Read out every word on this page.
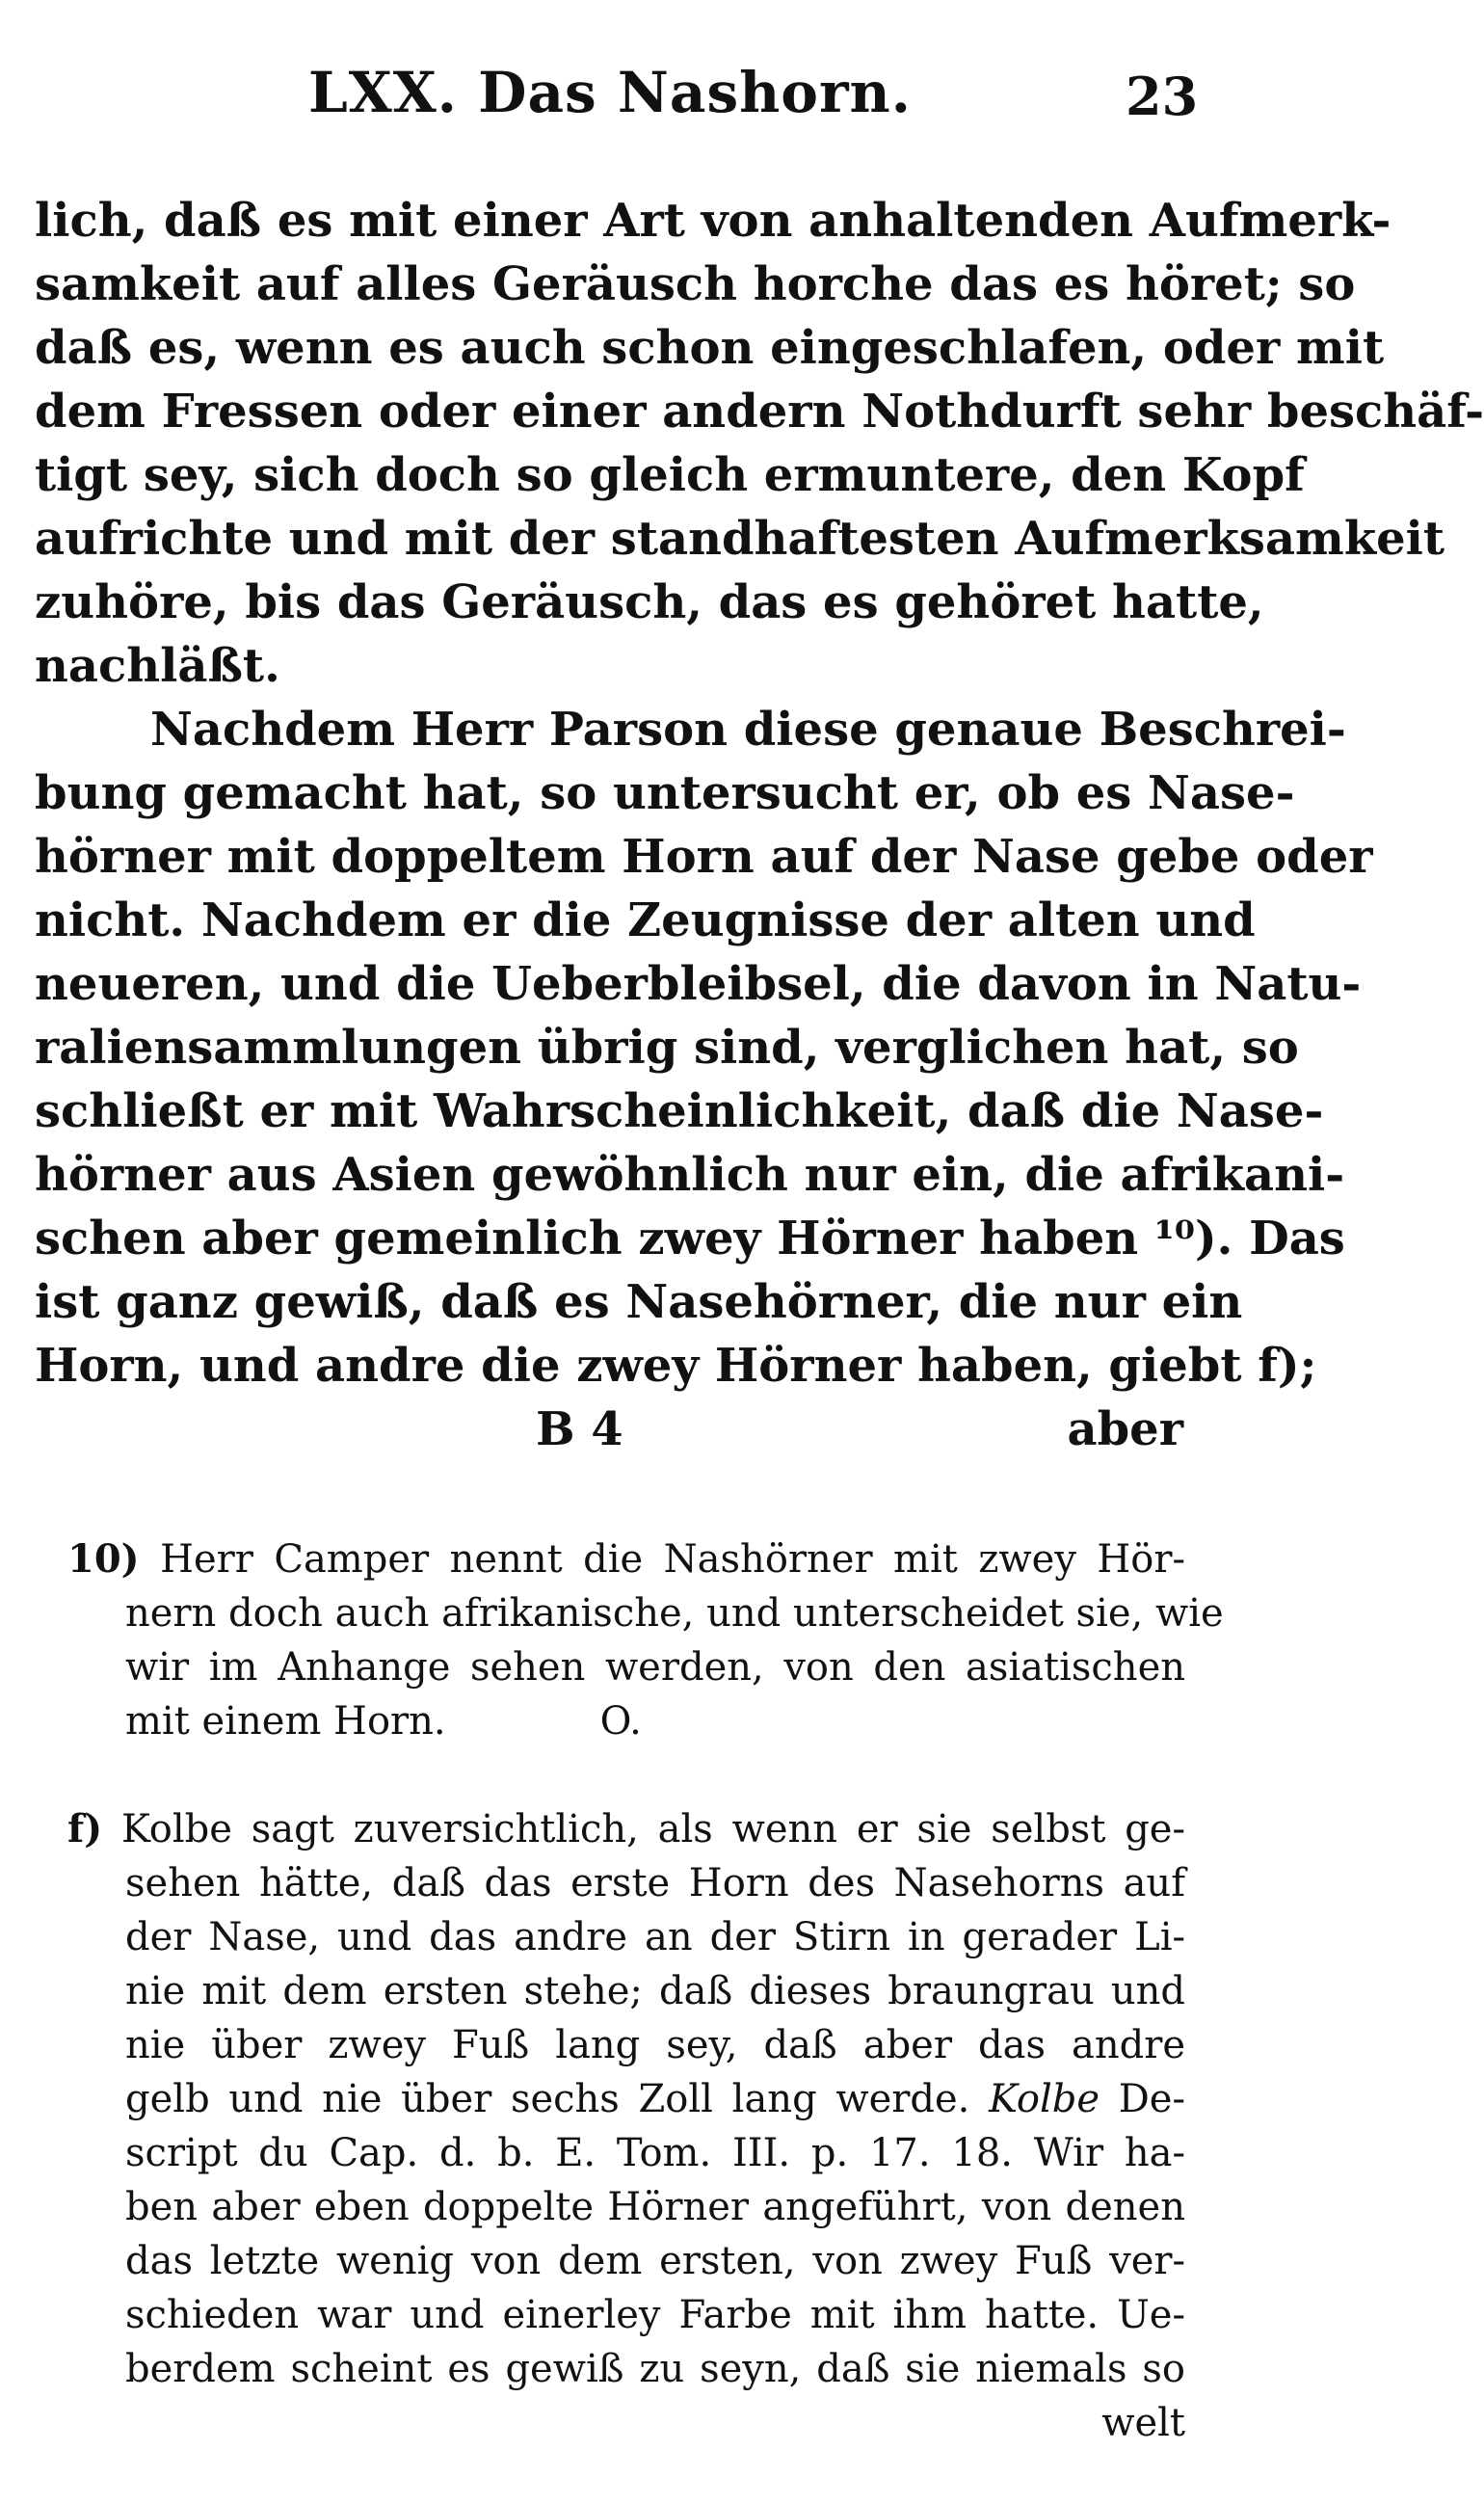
LXX. Das Nashorn.	23
lich, daß es mit einer Art von anhaltenden Aufmerk-
samkeit auf alles Geräusch horche das es höret; so
daß es, wenn es auch schon eingeschlafen, oder mit
dem Fressen oder einer andern Nothdurft sehr beschäf-
tigt sey, sich doch so gleich ermuntere, den Kopf
aufrichte und mit der standhaftesten Aufmerksamkeit
zuhöre, bis das Geräusch, das es gehöret hatte,
nachläßt.
Nachdem Herr Parson diese genaue Beschrei-
bung gemacht hat, so untersucht er, ob es Nase-
hörner mit doppeltem Horn auf der Nase gebe oder
nicht. Nachdem er die Zeugnisse der alten und
neueren, und die Ueberbleibsel, die davon in Natu-
raliensammlungen übrig sind, verglichen hat, so
schließt er mit Wahrscheinlichkeit, daß die Nase-
hörner aus Asien gewöhnlich nur ein, die afrikani-
schen aber gemeinlich zwey Hörner haben ¹⁰). Das
ist ganz gewiß, daß es Nasehörner, die nur ein
Horn, und andre die zwey Hörner haben, giebt f);
B 4	aber
10) Herr Camper nennt die Nashörner mit zwey Hör-
nern doch auch afrikanische, und unterscheidet sie, wie
wir im Anhange sehen werden, von den asiatischen
mit einem Horn.	O.
f) Kolbe sagt zuversichtlich, als wenn er sie selbst ge-
sehen hätte, daß das erste Horn des Nasehorns auf
der Nase, und das andre an der Stirn in gerader Li-
nie mit dem ersten stehe; daß dieses braungrau und
nie über zwey Fuß lang sey, daß aber das andre
gelb und nie über sechs Zoll lang werde. Kolbe De-
script du Cap. d. b. E. Tom. III. p. 17. 18. Wir ha-
ben aber eben doppelte Hörner angeführt, von denen
das letzte wenig von dem ersten, von zwey Fuß ver-
schieden war und einerley Farbe mit ihm hatte. Ue-
berdem scheint es gewiß zu seyn, daß sie niemals so
welt
